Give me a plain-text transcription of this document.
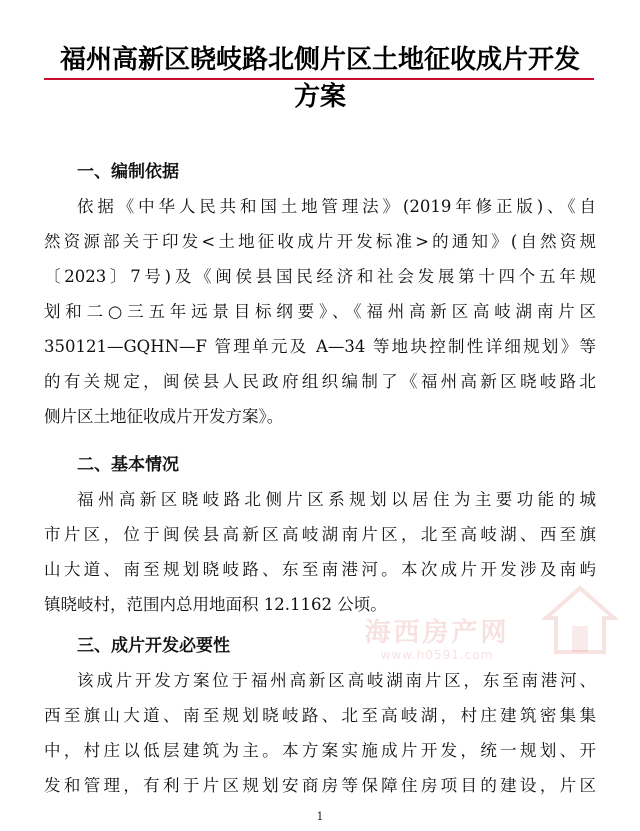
福州高新区晓岐路北侧片区土地征收成片开发
方案
一、编制依据
依据《中华人民共和国土地管理法》(2019年修正版)、《自
然资源部关于印发<土地征收成片开发标准>的通知》(自然资规
〔2023〕7号)及《闽侯县国民经济和社会发展第十四个五年规
划和二○三五年远景目标纲要》、《福州高新区高岐湖南片区
350121—GQHN—F 管理单元及 A—34 等地块控制性详细规划》等
的有关规定，闽侯县人民政府组织编制了《福州高新区晓岐路北
侧片区土地征收成片开发方案》。
二、基本情况
福州高新区晓岐路北侧片区系规划以居住为主要功能的城
市片区，位于闽侯县高新区高岐湖南片区，北至高岐湖、西至旗
山大道、南至规划晓岐路、东至南港河。本次成片开发涉及南屿
镇晓岐村，范围内总用地面积 12.1162 公顷。
三、成片开发必要性
该成片开发方案位于福州高新区高岐湖南片区，东至南港河、
西至旗山大道、南至规划晓岐路、北至高岐湖，村庄建筑密集集
中，村庄以低层建筑为主。本方案实施成片开发，统一规划、开
发和管理，有利于片区规划安商房等保障住房项目的建设，片区
海西房产网
www.h0591.com
1
